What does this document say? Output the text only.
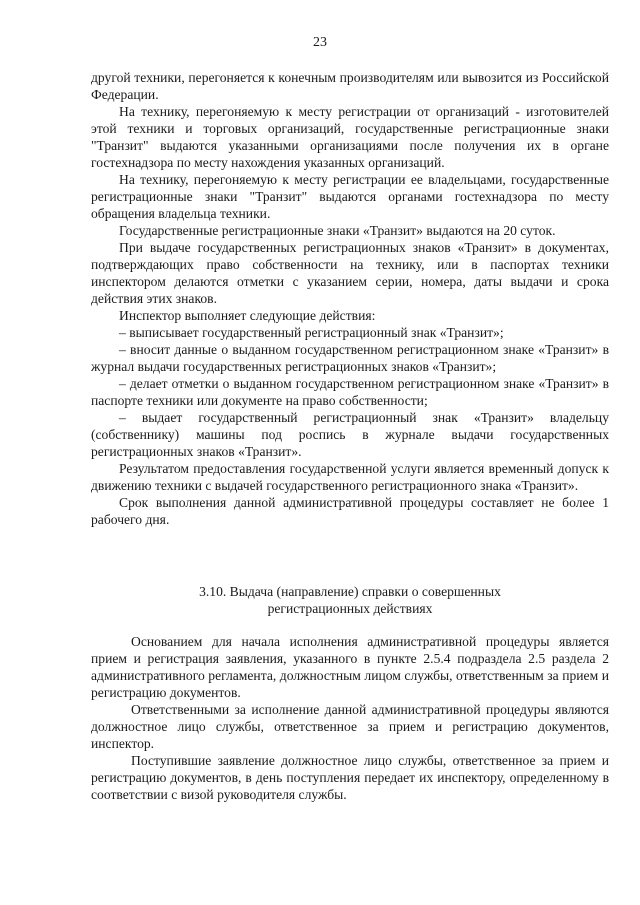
23

другой техники, перегоняется к конечным производителям или вывозится из Российской Федерации.

На технику, перегоняемую к месту регистрации от организаций - изготовителей этой техники и торговых организаций, государственные регистрационные знаки "Транзит" выдаются указанными организациями после получения их в органе гостехнадзора по месту нахождения указанных организаций.

На технику, перегоняемую к месту регистрации ее владельцами, государственные регистрационные знаки "Транзит" выдаются органами гостехнадзора по месту обращения владельца техники.

Государственные регистрационные знаки «Транзит» выдаются на 20 суток.

При выдаче государственных регистрационных знаков «Транзит» в документах, подтверждающих право собственности на технику, или в паспортах техники инспектором делаются отметки с указанием серии, номера, даты выдачи и срока действия этих знаков.

Инспектор выполняет следующие действия:

– выписывает государственный регистрационный знак «Транзит»;

– вносит данные о выданном государственном регистрационном знаке «Транзит» в журнал выдачи государственных регистрационных знаков «Транзит»;

– делает отметки о выданном государственном регистрационном знаке «Транзит» в паспорте техники или документе на право собственности;

– выдает государственный регистрационный знак «Транзит» владельцу (собственнику) машины под роспись в журнале выдачи государственных регистрационных знаков «Транзит».

Результатом предоставления государственной услуги является временный допуск к движению техники с выдачей государственного регистрационного знака «Транзит».

Срок выполнения данной административной процедуры составляет не более 1 рабочего дня.

3.10. Выдача (направление) справки о совершенных
регистрационных действиях

Основанием для начала исполнения административной процедуры является прием и регистрация заявления, указанного в пункте 2.5.4 подраздела 2.5 раздела 2 административного регламента, должностным лицом службы, ответственным за прием и регистрацию документов.

Ответственными за исполнение данной административной процедуры являются должностное лицо службы, ответственное за прием и регистрацию документов, инспектор.

Поступившие заявление должностное лицо службы, ответственное за прием и регистрацию документов, в день поступления передает их инспектору, определенному в соответствии с визой руководителя службы.
